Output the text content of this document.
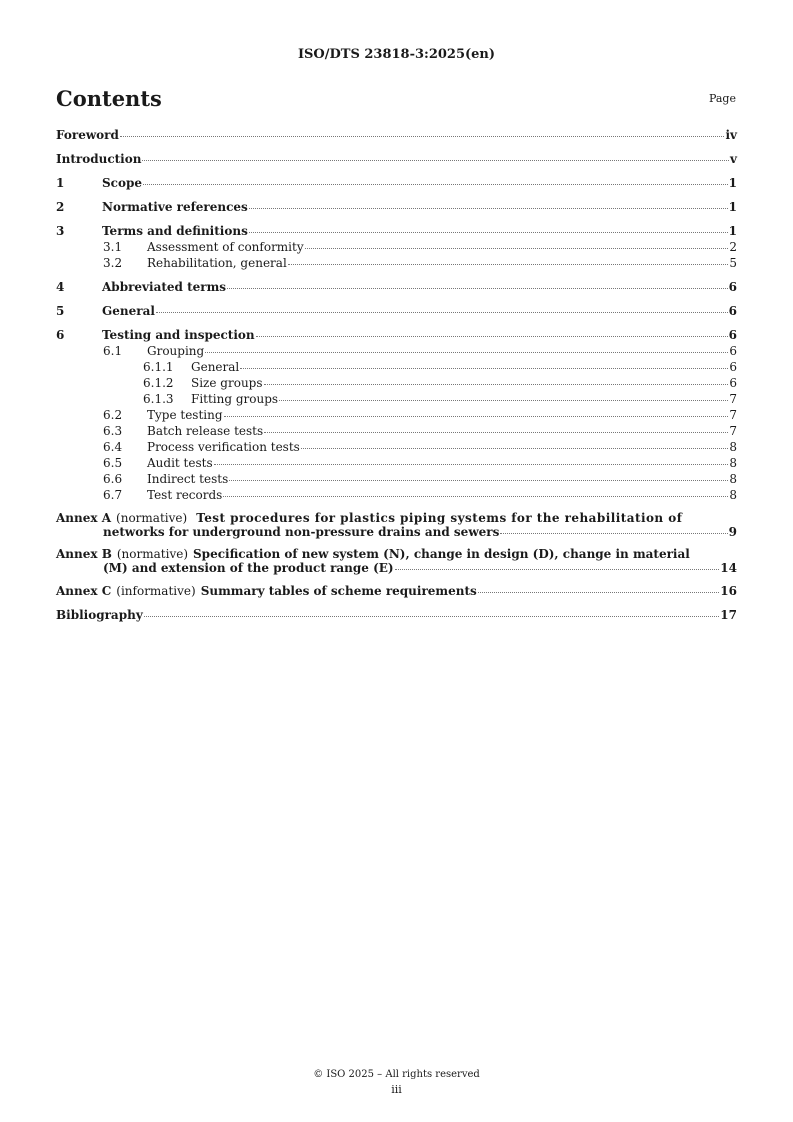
ISO/DTS 23818-3:2025(en)
Contents	Page
Foreword	iv
Introduction	v
1	Scope	1
2	Normative references	1
3	Terms and definitions	1
3.1	Assessment of conformity	2
3.2	Rehabilitation, general	5
4	Abbreviated terms	6
5	General	6
6	Testing and inspection	6
6.1	Grouping	6
6.1.1	General	6
6.1.2	Size groups	6
6.1.3	Fitting groups	7
6.2	Type testing	7
6.3	Batch release tests	7
6.4	Process verification tests	8
6.5	Audit tests	8
6.6	Indirect tests	8
6.7	Test records	8
Annex A (normative) Test procedures for plastics piping systems for the rehabilitation of
networks for underground non-pressure drains and sewers	9
Annex B (normative) Specification of new system (N), change in design (D), change in material
(M) and extension of the product range (E)	14
Annex C (informative) Summary tables of scheme requirements	16
Bibliography	17
© ISO 2025 – All rights reserved
iii
